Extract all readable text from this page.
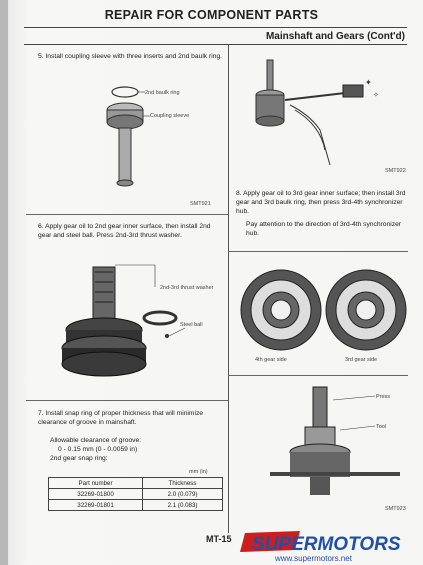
REPAIR FOR COMPONENT PARTS
Mainshaft and Gears (Cont'd)
5. Install coupling sleeve with three inserts and 2nd baulk ring.
2nd baulk ring
Coupling sleeve
SMT921
6. Apply gear oil to 2nd gear inner surface, then install 2nd gear and steel ball. Press 2nd-3rd thrust washer.
2nd-3rd thrust washer
Steel ball
7. Install snap ring of proper thickness that will minimize clearance of groove in mainshaft.
Allowable clearance of groove:
0 - 0.15 mm (0 - 0.0059 in)
2nd gear snap ring:
mm (in)
Part number	Thickness
32269-01800	2.0 (0.079)
32269-01801	2.1 (0.083)
✦
✧
SMT922
8. Apply gear oil to 3rd gear inner surface; then install 3rd gear and 3rd baulk ring, then press 3rd-4th synchronizer hub.
Pay attention to the direction of 3rd-4th synchronizer hub.
4th gear side	3rd gear side
Press
Tool
SMT923
MT-15 SUPERMOTORS
www.supermotors.net
